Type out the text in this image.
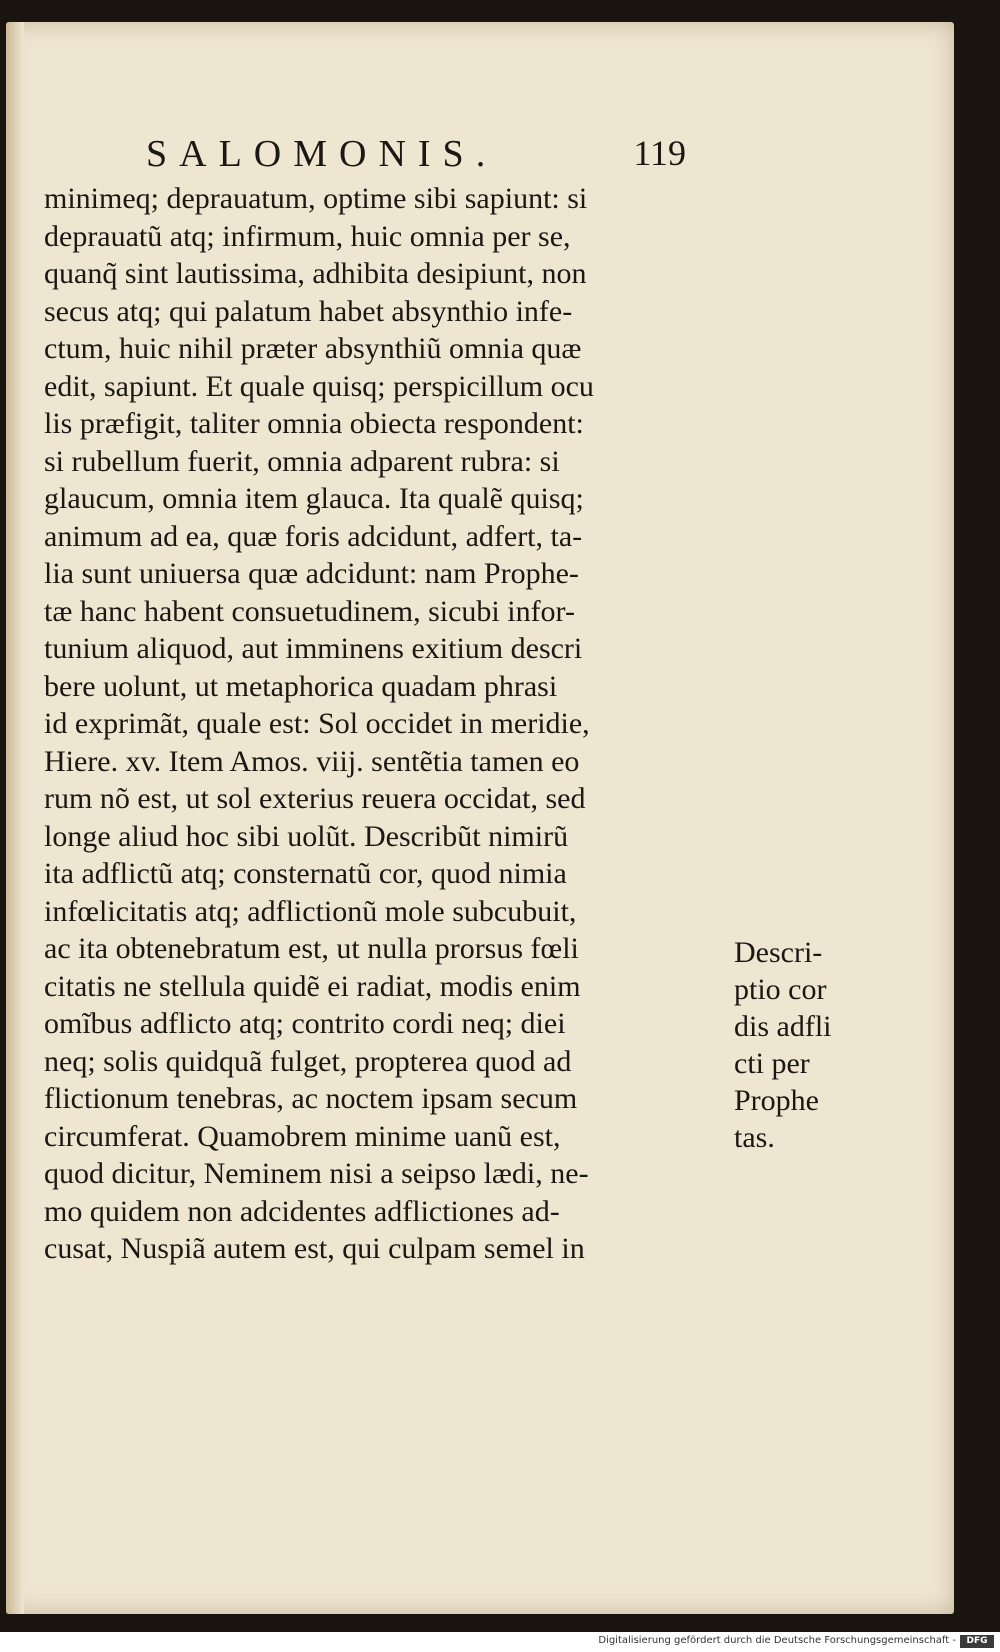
SALOMONIS.	119
minimeq; deprauatum, optime sibi sapiunt: si
deprauatũ atq; infirmum, huic omnia per se,
quanq̃ sint lautissima, adhibita desipiunt, non
secus atq; qui palatum habet absynthio infe-
ctum, huic nihil præter absynthiũ omnia quæ
edit, sapiunt. Et quale quisq; perspicillum ocu
lis præfigit, taliter omnia obiecta respondent:
si rubellum fuerit, omnia adparent rubra: si
glaucum, omnia item glauca. Ita qualẽ quisq;
animum ad ea, quæ foris adcidunt, adfert, ta-
lia sunt uniuersa quæ adcidunt: nam Prophe-
tæ hanc habent consuetudinem, sicubi infor-
tunium aliquod, aut imminens exitium descri
bere uolunt, ut metaphorica quadam phrasi
id exprimãt, quale est: Sol occidet in meridie,
Hiere. xv. Item Amos. viij. sentẽtia tamen eo
rum nõ est, ut sol exterius reuera occidat, sed
longe aliud hoc sibi uolũt. Describũt nimirũ
ita adflictũ atq; consternatũ cor, quod nimia
infœlicitatis atq; adflictionũ mole subcubuit,
ac ita obtenebratum est, ut nulla prorsus fœli
citatis ne stellula quidẽ ei radiat, modis enim
omĩbus adflicto atq; contrito cordi neq; diei
neq; solis quidquã fulget, propterea quod ad
flictionum tenebras, ac noctem ipsam secum
circumferat. Quamobrem minime uanũ est,
quod dicitur, Neminem nisi a seipso lædi, ne-
mo quidem non adcidentes adflictiones ad-
cusat, Nuspiã autem est, qui culpam semel in
Descri-
ptio cor
dis adfli
cti per
Prophe
tas.
Digitalisierung gefördert durch die Deutsche Forschungsgemeinschaft -	DFG
